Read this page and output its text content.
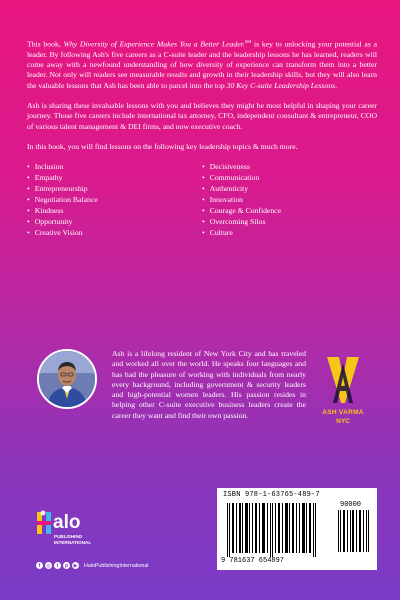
This book, Why Diversity of Experience Makes You a Better Leader.℠ is key to unlocking your potential as a leader. By following Ash's five careers as a C-suite leader and the leadership lessons he has learned, readers will come away with a newfound understanding of how diversity of experience can transform them into a better leader. Not only will readers see measurable results and growth in their leadership skills, but they will also learn the valuable lessons that Ash has been able to parcel into the top 30 Key C-suite Leadership Lessons.

Ash is sharing these invaluable lessons with you and believes they might be most helpful in shaping your career journey. Those five careers include international tax attorney, CFO, independent consultant & entrepreneur, COO of various talent management & DEI firms, and now executive coach.

In this book, you will find lessons on the following key leadership topics & much more.

• Inclusion
• Empathy
• Entrepreneurship
• Negotiation Balance
• Kindness
• Opportunity
• Creative Vision
• Decisiveness
• Communication
• Authenticity
• Innovation
• Courage & Confidence
• Overcoming Silos
• Culture

Ash is a lifelong resident of New York City and has traveled and worked all over the world. He speaks four languages and has had the pleasure of working with individuals from nearly every background, including government & security leaders and high-potential women leaders. His passion resides in helping other C-suite executive business leaders create the career they want and find their own passion.	ASH VARMA
NYC
ISBN 978-1-63765-489-7
9 781637 654897
90000
alo
PUBLISHING
INTERNATIONAL
f	◎	t	p	▶ HaloPublishingInternational
